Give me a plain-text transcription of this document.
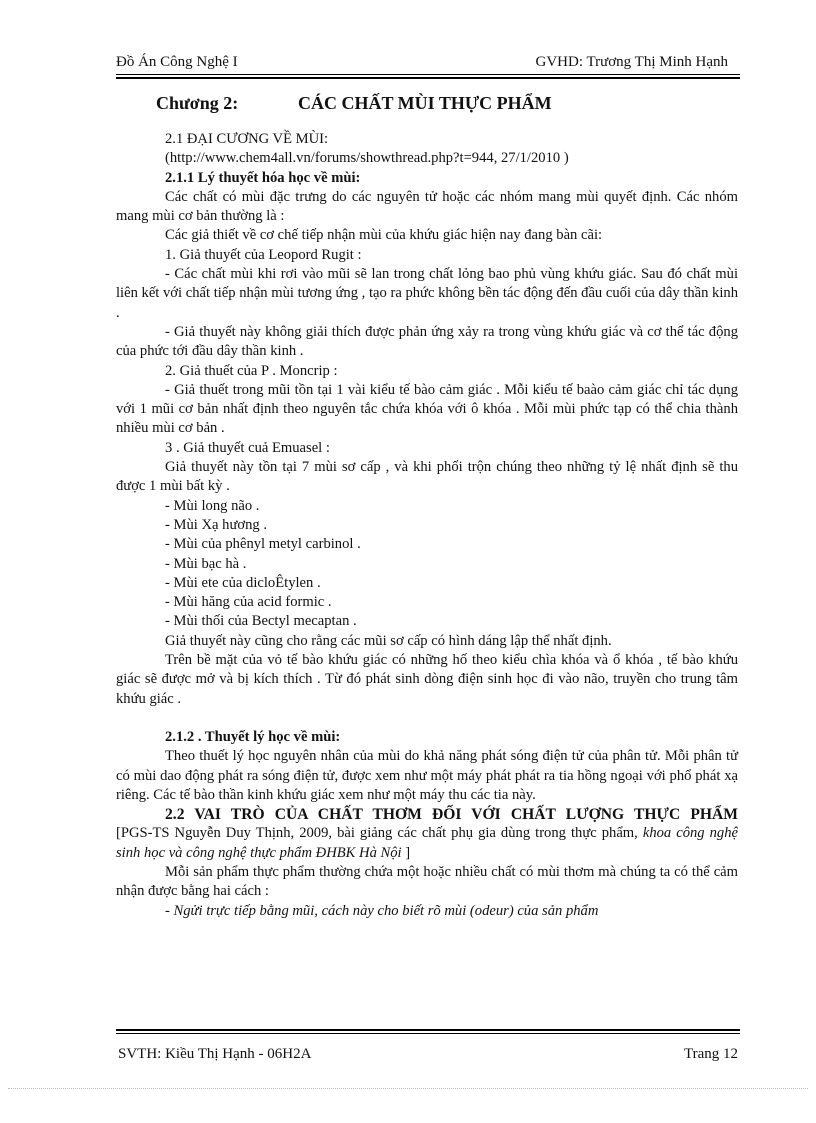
Đồ Án Công Nghệ I	GVHD: Trương Thị Minh Hạnh
Chương 2:	CÁC CHẤT MÙI THỰC PHẨM

2.1 ĐẠI CƯƠNG VỀ MÙI:

(http://www.chem4all.vn/forums/showthread.php?t=944, 27/1/2010 )

2.1.1 Lý thuyết hóa học về mùi:

Các chất có mùi đặc trưng do các nguyên tử hoặc các nhóm mang mùi quyết định. Các nhóm mang mùi cơ bản thường là :

Các giả thiết về cơ chế tiếp nhận mùi của khứu giác hiện nay đang bàn cãi:

1. Giả thuyết của Leopord Rugit :

- Các chất mùi khi rơi vào mũi sẽ lan trong chất lỏng bao phủ vùng khứu giác. Sau đó chất mùi liên kết với chất tiếp nhận mùi tương ứng , tạo ra phức không bền tác động đến đầu cuối của dây thần kinh .

- Giả thuyết này không giải thích được phản ứng xảy ra trong vùng khứu giác và cơ thể tác động của phức tới đầu dây thần kinh .

2. Giả thuết của P . Moncrip :

- Giả thuết trong mũi tồn tại 1 vài kiểu tế bào cảm giác . Mỗi kiểu tế baào cảm giác chỉ tác dụng với 1 mũi cơ bản nhất định theo nguyên tắc chứa khóa với ô khóa . Mỗi mùi phức tạp có thể chia thành nhiều mùi cơ bản .

3 . Giả thuyết cuả Emuasel :

Giả thuyết này tồn tại 7 mùi sơ cấp , và khi phối trộn chúng theo những tỷ lệ nhất định sẽ thu được 1 mùi bất kỳ .

- Mùi long não .

- Mùi Xạ hương .

- Mùi của phênyl metyl carbinol .

- Mùi bạc hà .

- Mùi ete của dicloÊtylen .

- Mùi hăng của acid formic .

- Mùi thối của Bectyl mecaptan .

Giả thuyết này cũng cho rằng các mũi sơ cấp có hình dáng lập thể nhất định.

Trên bề mặt của vỏ tế bào khứu giác có những hố theo kiểu chìa khóa và ổ khóa , tế bào khứu giác sẽ được mở và bị kích thích . Từ đó phát sinh dòng điện sinh học đi vào não, truyền cho trung tâm khứu giác .

2.1.2 . Thuyết lý học về mùi:

Theo thuết lý học nguyên nhân của mùi do khả năng phát sóng điện tử của phân tử. Mỗi phân tử có mùi dao động phát ra sóng điện tử, được xem như một máy phát phát ra tia hồng ngoại với phổ phát xạ riêng. Các tế bào thần kinh khứu giác xem như một máy thu các tia này.

2.2 VAI TRÒ CỦA CHẤT THƠM ĐỐI VỚI CHẤT LƯỢNG THỰC PHẨM

[PGS-TS Nguyễn Duy Thịnh, 2009, bài giảng các chất phụ gia dùng trong thực phẩm, khoa công nghệ sinh học và công nghệ thực phẩm ĐHBK Hà Nội ]

Mỗi sản phẩm thực phẩm thường chứa một hoặc nhiều chất có mùi thơm mà chúng ta có thể cảm nhận được bằng hai cách :

- Ngửi trực tiếp bằng mũi, cách này cho biết rõ mùi (odeur) của sản phẩm

SVTH: Kiều Thị Hạnh - 06H2A	Trang 12
